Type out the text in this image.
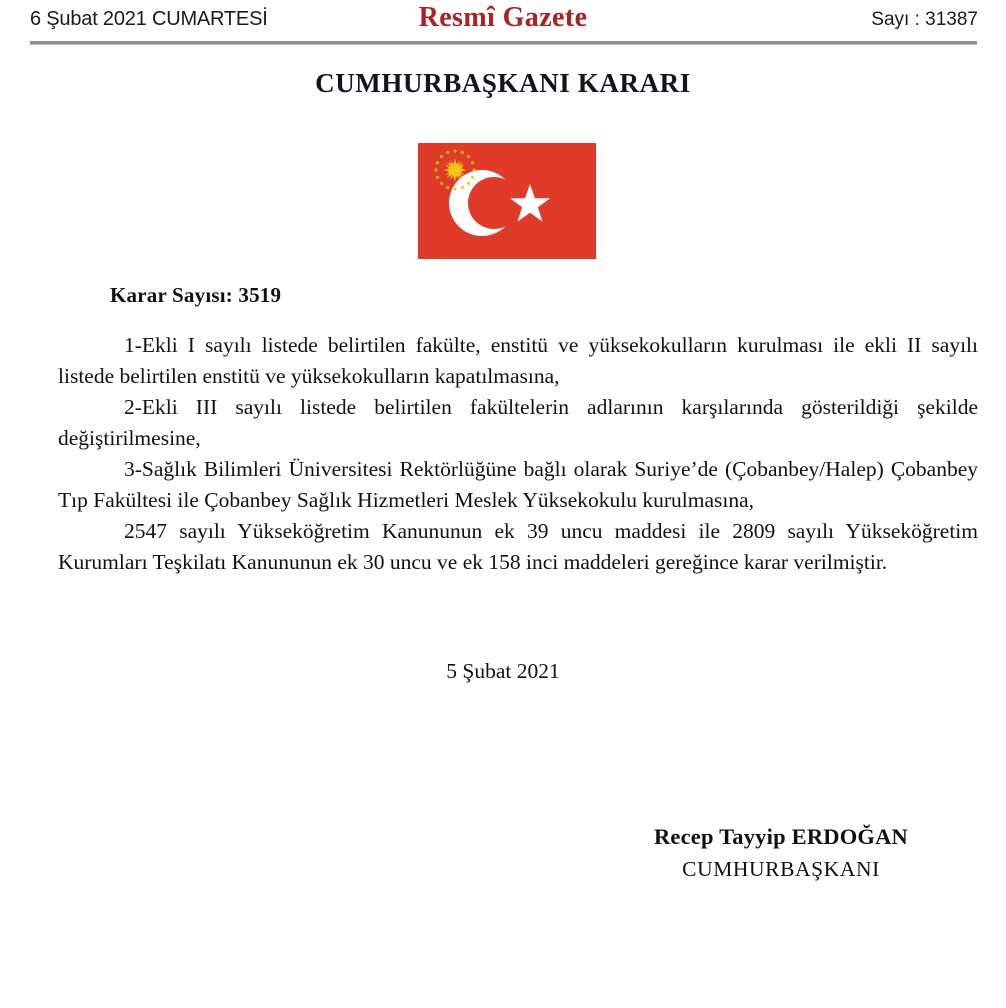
6 Şubat 2021 CUMARTESİ	Resmî Gazete	Sayı : 31387
CUMHURBAŞKANI KARARI
Karar Sayısı: 3519

1-Ekli I sayılı listede belirtilen fakülte, enstitü ve yüksekokulların kurulması ile ekli II sayılı listede belirtilen enstitü ve yüksekokulların kapatılmasına,

2-Ekli III sayılı listede belirtilen fakültelerin adlarının karşılarında gösterildiği şekilde değiştirilmesine,

3-Sağlık Bilimleri Üniversitesi Rektörlüğüne bağlı olarak Suriye’de (Çobanbey/Halep) Çobanbey Tıp Fakültesi ile Çobanbey Sağlık Hizmetleri Meslek Yüksekokulu kurulmasına,

2547 sayılı Yükseköğretim Kanununun ek 39 uncu maddesi ile 2809 sayılı Yükseköğretim Kurumları Teşkilatı Kanununun ek 30 uncu ve ek 158 inci maddeleri gereğince karar verilmiştir.

5 Şubat 2021
Recep Tayyip ERDOĞAN
CUMHURBAŞKANI
